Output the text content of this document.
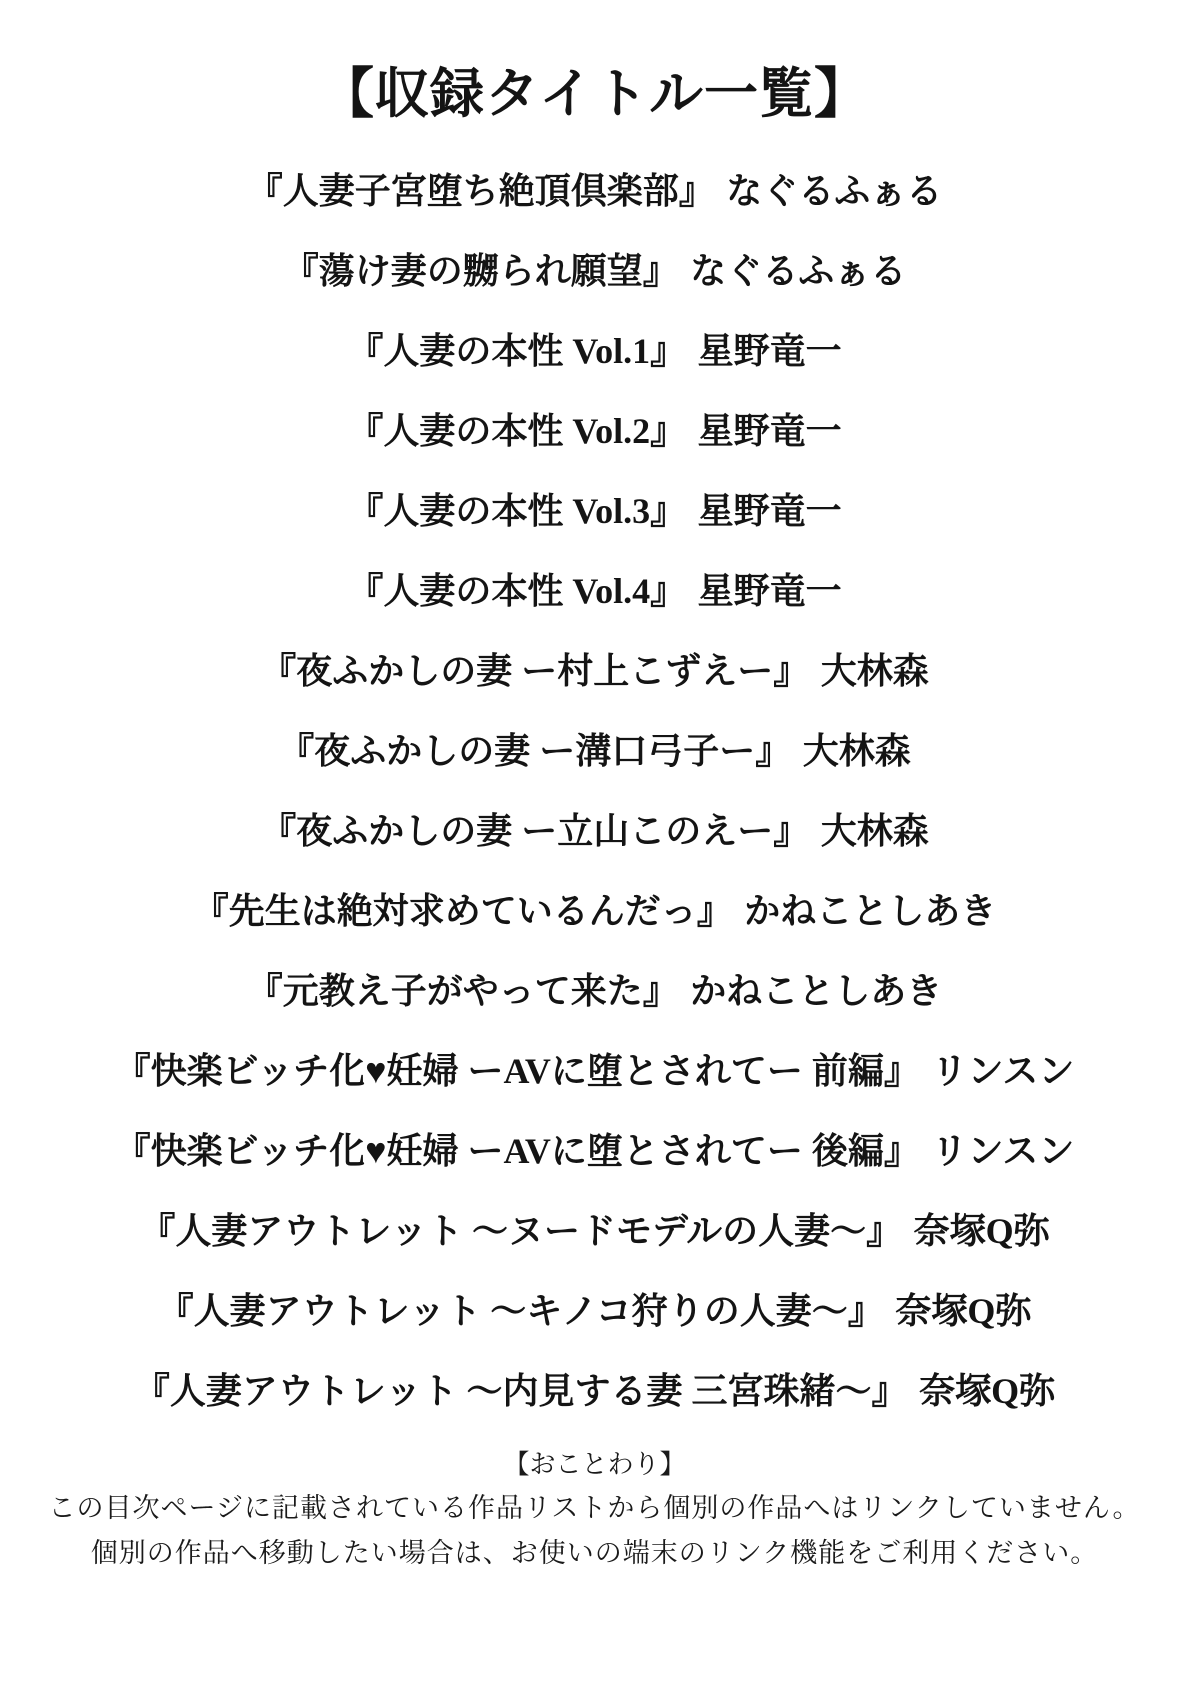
【収録タイトル一覧】
『人妻子宮堕ち絶頂倶楽部』 なぐるふぁる
『蕩け妻の嬲られ願望』 なぐるふぁる
『人妻の本性 Vol.1』 星野竜一
『人妻の本性 Vol.2』 星野竜一
『人妻の本性 Vol.3』 星野竜一
『人妻の本性 Vol.4』 星野竜一
『夜ふかしの妻 ー村上こずえー』 大林森
『夜ふかしの妻 ー溝口弓子ー』 大林森
『夜ふかしの妻 ー立山このえー』 大林森
『先生は絶対求めているんだっ』 かねことしあき
『元教え子がやって来た』 かねことしあき
『快楽ビッチ化♥妊婦 ーAVに堕とされてー 前編』 リンスン
『快楽ビッチ化♥妊婦 ーAVに堕とされてー 後編』 リンスン
『人妻アウトレット 〜ヌードモデルの人妻〜』 奈塚Q弥
『人妻アウトレット 〜キノコ狩りの人妻〜』 奈塚Q弥
『人妻アウトレット 〜内見する妻 三宮珠緒〜』 奈塚Q弥
【おことわり】
この目次ページに記載されている作品リストから個別の作品へはリンクしていません。
個別の作品へ移動したい場合は、お使いの端末のリンク機能をご利用ください。
